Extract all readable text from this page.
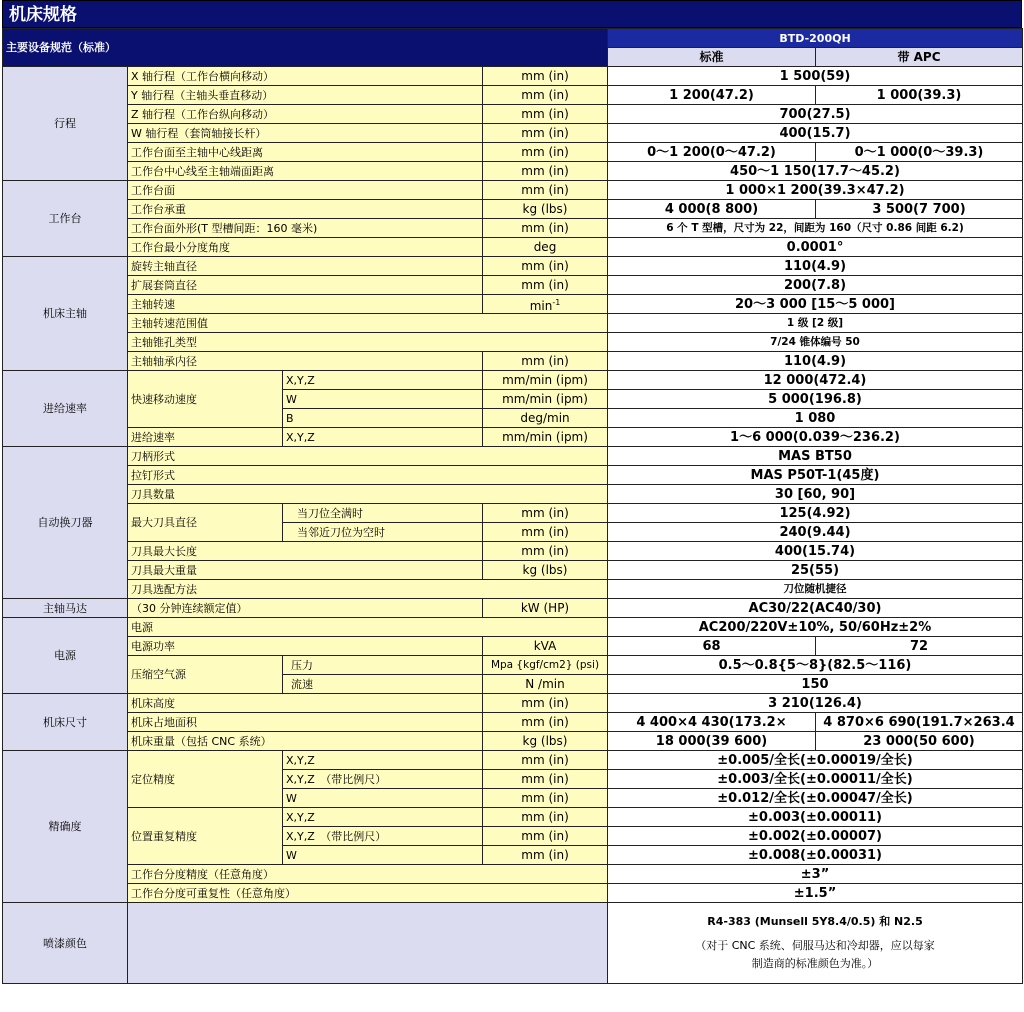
机床规格
主要设备规范（标准）				BTD-200QH	
				标准	带 APC
行程	X 轴行程（工作台横向移动）		mm (in)	1 500(59)	
	Y 轴行程（主轴头垂直移动）		mm (in)	1 200(47.2)	1 000(39.3)
	Z 轴行程（工作台纵向移动）		mm (in)	700(27.5)	
	W 轴行程（套筒轴接长杆）		mm (in)	400(15.7)	
	工作台面至主轴中心线距离		mm (in)	0～1 200(0～47.2)	0～1 000(0～39.3)
	工作台中心线至主轴端面距离		mm (in)	450～1 150(17.7～45.2)	
工作台	工作台面		mm (in)	1 000×1 200(39.3×47.2)	
	工作台承重		kg (lbs)	4 000(8 800)	3 500(7 700)
	工作台面外形(T 型槽间距：160 毫米)		mm (in)	6 个 T 型槽，尺寸为 22，间距为 160（尺寸 0.86 间距 6.2)	
	工作台最小分度角度		deg	0.0001°	
机床主轴	旋转主轴直径		mm (in)	110(4.9)	
	扩展套筒直径		mm (in)	200(7.8)	
	主轴转速		$\min^{-1}$	20～3 000 [15～5 000]	
	主轴转速范围值			1 级 [2 级]	
	主轴锥孔类型			7/24 锥体编号 50	
	主轴轴承内径		mm (in)	110(4.9)	
进给速率	快速移动速度	X,Y,Z	mm/min (ipm)	12 000(472.4)	
		W	mm/min (ipm)	5 000(196.8)	
		B	deg/min	1 080	
	进给速率	X,Y,Z	mm/min (ipm)	1～6 000(0.039～236.2)	
自动换刀器	刀柄形式			MAS BT50	
	拉钉形式			MAS P50T-1(45度)	
	刀具数量			30 [60, 90]	
	最大刀具直径	当刀位全满时	mm (in)	125(4.92)	
		当邻近刀位为空时	mm (in)	240(9.44)	
	刀具最大长度		mm (in)	400(15.74)	
	刀具最大重量		kg (lbs)	25(55)	
	刀具选配方法			刀位随机捷径	
主轴马达	（30 分钟连续额定值）		kW (HP)	AC30/22(AC40/30)	
电源	电源			AC200/220V±10%, 50/60Hz±2%	
	电源功率		kVA	68	72
	压缩空气源	压力	Mpa {kgf/cm2} (psi)	0.5～0.8{5～8}(82.5～116)	
		流速	N /min	150	
机床尺寸	机床高度		mm (in)	3 210(126.4)	
	机床占地面积		mm (in)	4 400×4 430(173.2×	4 870×6 690(191.7×263.4
	机床重量（包括 CNC 系统）		kg (lbs)	18 000(39 600)	23 000(50 600)
精确度	定位精度	X,Y,Z	mm (in)	±0.005/全长(±0.00019/全长)	
		X,Y,Z　（带比例尺）	mm (in)	±0.003/全长(±0.00011/全长)	
		W	mm (in)	±0.012/全长(±0.00047/全长)	
	位置重复精度	X,Y,Z	mm (in)	±0.003(±0.00011)	
		X,Y,Z　（带比例尺）	mm (in)	±0.002(±0.00007)	
		W	mm (in)	±0.008(±0.00031)	
	工作台分度精度（任意角度）			±3”	
	工作台分度可重复性（任意角度）			±1.5”	
喷漆颜色				R4-383 (Munsell 5Y8.4/0.5) 和 N2.5
（对于 CNC 系统、伺服马达和冷却器，应以每家
制造商的标准颜色为准。）	
